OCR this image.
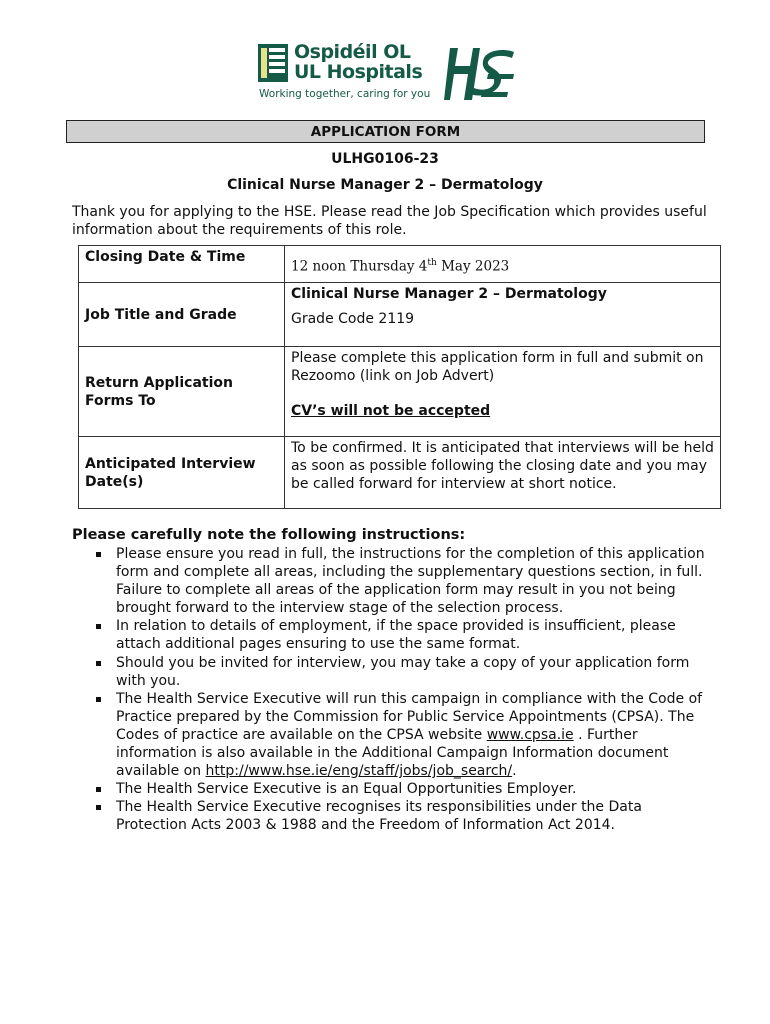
Ospidéil OL
UL Hospitals
Working together, caring for you
APPLICATION FORM
ULHG0106-23
Clinical Nurse Manager 2 – Dermatology
Thank you for applying to the HSE. Please read the Job Specification which provides useful information about the requirements of this role.
Closing Date & Time	12 noon Thursday 4th May 2023
Job Title and Grade	Clinical Nurse Manager 2 – Dermatology
Grade Code 2119

Return Application Forms To	Please complete this application form in full and submit on Rezoomo (link on Job Advert)
CV’s will not be accepted

Anticipated Interview Date(s)	To be confirmed. It is anticipated that interviews will be held as soon as possible following the closing date and you may be called forward for interview at short notice.
Please carefully note the following instructions:
Please ensure you read in full, the instructions for the completion of this application form and complete all areas, including the supplementary questions section, in full. Failure to complete all areas of the application form may result in you not being brought forward to the interview stage of the selection process.
In relation to details of employment, if the space provided is insufficient, please attach additional pages ensuring to use the same format.
Should you be invited for interview, you may take a copy of your application form with you.
The Health Service Executive will run this campaign in compliance with the Code of Practice prepared by the Commission for Public Service Appointments (CPSA). The Codes of practice are available on the CPSA website www.cpsa.ie . Further information is also available in the Additional Campaign Information document available on http://www.hse.ie/eng/staff/jobs/job_search/.
The Health Service Executive is an Equal Opportunities Employer.
The Health Service Executive recognises its responsibilities under the Data Protection Acts 2003 & 1988 and the Freedom of Information Act 2014.
